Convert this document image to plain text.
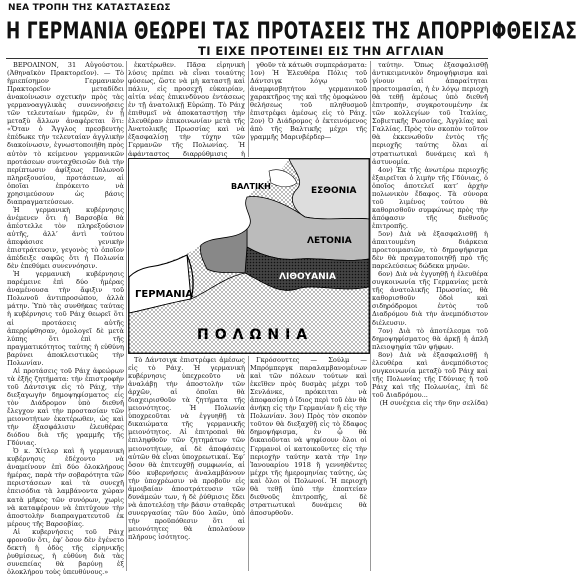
ΝΕΑ ΤΡΟΠΗ ΤΗΣ ΚΑΤΑΣΤΑΣΕΩΣ
Η ΓΕΡΜΑΝΙΑ ΘΕΩΡΕΙ ΤΑΣ ΠΡΟΤΑΣΕΙΣ ΤΗΣ ΑΠΟΡΡΙΦΘΕΙΣΑΣ
ΤΙ ΕΙΧΕ ΠΡΟΤΕΙΝΕΙ ΕΙΣ ΤΗΝ ΑΓΓΛΙΑΝ

ΒΕΡΟΛΙΝΟΝ, 31 Αὐγούστου. (Ἀθηναϊκὸν Πρακτορεῖον). — Τὸ ἡμιεπίσημον Γερμανικὸν Πρακτορεῖον μεταδίδει ἀνακοίνωσιν σχετικὴν πρὸς τὰς γερμανοαγγλικὰς συνεννοήσεις τῶν τελευταίων ἡμερῶν, ἐν ᾗ μεταξὺ ἄλλων ἀναφέρεται ὅτι: «Ὅταν ὁ Ἄγγλος πρεσβευτὴς ἐπέδωκε τὴν τελευταίαν ἀγγλικὴν διακοίνωσιν, ἐγνωστοποιήθη πρὸς αὐτὸν τὸ κείμενον γερμανικῶν προτάσεων συνταχθεισῶν διὰ τὴν περίπτωσιν ἀφίξεως Πολωνοῦ πληρεξουσίου, προτάσεων, αἱ ὁποῖαι ἐπρόκειτο νὰ χρησιμεύσουν ὡς βάσις διαπραγματεύσεων.

Ἡ γερμανικὴ κυβέρνησις ἀνέμενεν ὅτι ἡ Βαρσοβία θὰ ἀπέστελλε τὸν πληρεξούσιον αὐτῆς, ἀλλ’ ἀντὶ τούτου ἀπεφάσισε γενικὴν ἐπιστράτευσιν, γεγονὸς τὸ ὁποῖον ἀπέδειξε σαφῶς ὅτι ἡ Πολωνία δὲν ἐπεθύμει συνεννόησιν.

Ἡ γερμανικὴ κυβέρνησις παρέμεινε ἐπὶ δύο ἡμέρας ἀναμένουσα τὴν ἄφιξιν τοῦ Πολωνοῦ ἀντιπροσώπου, ἀλλὰ μάτην. Ὑπὸ τὰς συνθήκας ταύτας ἡ κυβέρνησις τοῦ Ράιχ θεωρεῖ ὅτι αἱ προτάσεις αὐτῆς ἀπερρίφθησαν, ὁμολογεῖ δὲ μετὰ λύπης ὅτι ἐπὶ τῆς πραγματικότητος ταύτης ἡ εὐθύνη βαρύνει ἀποκλειστικῶς τὴν Πολωνίαν.

Αἱ προτάσεις τοῦ Ράιχ ἀφεώρων τὰ ἑξῆς ζητήματα: τὴν ἐπιστροφὴν τοῦ Δάντσιγκ εἰς τὸ Ράιχ, τὴν διεξαγωγὴν δημοψηφίσματος εἰς τὸν Διάδρομον ὑπὸ διεθνῆ ἔλεγχον καὶ τὴν προστασίαν τῶν μειονοτήτων ἑκατέρωθεν, ὡς καὶ τὴν ἐξασφάλισιν ἐλευθέρας διόδου διὰ τῆς γραμμῆς τῆς Γδύνιας.

Ὁ κ. Χίτλερ καὶ ἡ γερμανικὴ κυβέρνησις ἐδέχοντο νὰ ἀναμείνουν ἐπὶ δύο ὁλοκλήρους ἡμέρας, παρὰ τὴν σοβαρότητα τῶν περιστάσεων καὶ τὰ συνεχῆ ἐπεισόδια τὰ λαμβάνοντα χώραν κατὰ μῆκος τῶν συνόρων, χωρὶς νὰ καταφέρουν νὰ ἐπιτύχουν τὴν ἀποστολὴν διαπραγματευτοῦ ἐκ μέρους τῆς Βαρσοβίας.

Αἱ κυβερνήσεις τοῦ Ράιχ φρονοῦν ὅτι, ἐφ’ ὅσον δὲν ἐγένετο δεκτὴ ἡ ὁδὸς τῆς εἰρηνικῆς ῥυθμίσεως, ἡ εὐθύνη διὰ τὰς συνεπείας θὰ βαρύνῃ ἐξ ὁλοκλήρου τοὺς ὑπευθύνους.»

ἑκατέρωθεν. Πᾶσα εἰρηνικὴ λύσις πρέπει νὰ εἶναι τοιαύτης φύσεως, ὥστε νὰ μὴ καταστῇ καὶ πάλιν, εἰς προσεχῆ εὐκαιρίαν, αἰτία νέας ἐπικινδύνου ἐντάσεως ἐν τῇ ἀνατολικῇ Εὐρώπῃ. Τὸ Ράιχ ἐπιθυμεῖ νὰ ἀποκαταστήσῃ τὴν ἐλευθέραν ἐπικοινωνίαν μετὰ τῆς Ἀνατολικῆς Πρωσσίας καὶ νὰ ἐξασφαλίσῃ τὴν τύχην τῶν Γερμανῶν τῆς Πολωνίας. Ἡ ἀφάνταστος διαρρύθμισις ἡ

γθοῦν τὰ κάτωθι συμπεράσματα: 1ον) Ἡ Ἐλευθέρα Πόλις τοῦ Δάντσιγκ λόγῳ τοῦ ἀναμφισβητήτου γερμανικοῦ χαρακτῆρος της καὶ τῆς ὁμοφώνου θελήσεως τοῦ πληθυσμοῦ ἐπιστρέφει ἀμέσως εἰς τὸ Ράιχ. 2ον) Ὁ Διάδρομος ὁ ἐκτεινόμενος ἀπὸ τῆς Βαλτικῆς μέχρι τῆς γραμμῆς Μαρινβέρδερ—

ΒΑΛΤΙΚΗ	ΕΣΘΟΝΙΑ
ΛΕΤΟΝΙΑ
ΛΙΘΟΥΑΝΙΑ
ΓΕΡΜΑΝΙΑ
ΠΟΛΩΝΙΑ

Τὸ Δάντσιγκ ἐπιστρέφει ἀμέσως εἰς τὸ Ράιχ. Ἡ γερμανικὴ κυβέρνησις ὑπεχρεοῦτο νὰ ἀναλάβῃ τὴν ἀποστολὴν τῶν ἀρχῶν, αἱ ὁποῖαι θὰ διαχειρισθοῦν τὰ ζητήματα τῆς μειονότητος. Ἡ Πολωνία ὑποχρεοῦται νὰ ἐγγυηθῇ τὰ δικαιώματα τῆς γερμανικῆς μειονότητος. Αἱ ἐπιτροπαὶ θὰ ἐπιληφθοῦν τῶν ζητημάτων τῶν μειονοτήτων, αἱ δὲ ἀποφάσεις αὐτῶν θὰ εἶναι ὑποχρεωτικαί. Ἐφ’ ὅσον θὰ ἐπιτευχθῇ συμφωνία, αἱ δύο κυβερνήσεις ἀναλαμβάνουν τὴν ὑποχρέωσιν νὰ προβοῦν εἰς ἀμοιβαίαν ἀποστράτευσιν τῶν δυνάμεών των, ἡ δὲ ῥύθμισις ἔδει νὰ ἀποτελέσῃ τὴν βάσιν σταθερᾶς συνεργασίας τῶν δύο λαῶν, ὑπὸ τὴν προϋπόθεσιν ὅτι αἱ μειονότητες θὰ ἀπολαύουν πλήρους ἰσότητος.

Γκρόσουττες — Σούλμ — Μπρόμπεργκ παραλαμβανομένων καὶ τῶν πόλεων τούτων καὶ ἐκεῖθεν πρὸς δυσμὰς μέχρι τοῦ Σενλάνκε, πρόκειται νὰ ἀποφασίσῃ ὁ ἴδιος περὶ τοῦ ἐὰν θὰ ἀνήκῃ εἰς τὴν Γερμανίαν ἢ εἰς τὴν Πολωνίαν. 3ον) Πρὸς τὸν σκοπὸν τοῦτον θὰ διεξαχθῇ εἰς τὸ ἔδαφος δημοψήφισμα, ἐν ᾧ θὰ δικαιοῦνται νὰ ψηφίσουν ὅλοι οἱ Γερμανοὶ οἱ κατοικοῦντες εἰς τὴν περιοχὴν ταύτην κατὰ τὴν 1ην Ἰανουαρίου 1918 ἢ γεννηθέντες μέχρι τῆς ἡμερομηνίας ταύτης, ὡς καὶ ὅλοι οἱ Πολωνοί. Ἡ περιοχὴ θὰ τεθῇ ὑπὸ τὴν ἐποπτείαν διεθνοῦς ἐπιτροπῆς, αἱ δὲ στρατιωτικαὶ δυνάμεις θὰ ἀποσυρθοῦν.

ταύτην. Ὅπως ἐξασφαλισθῇ ἀντικειμενικὸν δημοψήφισμα καὶ γίνουν αἱ ἀπαραίτηται προετοιμασίαι, ἡ ἐν λόγῳ περιοχὴ θὰ τεθῇ ἀμέσως ὑπὸ διεθνῆ ἐπιτροπὴν, συγκροτουμένην ἐκ τῶν κολλεγίων τοῦ Ἰταλίας, Σοβιετικῆς Ρωσσίας, Ἀγγλίας καὶ Γαλλίας. Πρὸς τὸν σκοπὸν τοῦτον θὰ ἐκκενωθοῦν ἐντὸς τῆς περιοχῆς ταύτης ὅλαι αἱ στρατιωτικαὶ δυνάμεις καὶ ἡ ἀστυνομία.

4ον) Ἐκ τῆς ἀνωτέρω περιοχῆς ἐξαιρεῖται ὁ λιμὴν τῆς Γδύνιας, ὁ ὁποῖος ἀποτελεῖ κατ’ ἀρχὴν πολωνικὸν ἔδαφος. Τὰ σύνορα τοῦ λιμένος τούτου θὰ καθορισθοῦν συμφώνως πρὸς τὴν ἀπόφασιν τῆς διεθνοῦς ἐπιτροπῆς.

5ον) Διὰ νὰ ἐξασφαλισθῇ ἡ ἀπαιτουμένη διάρκεια προετοιμασιῶν, τὸ δημοψήφισμα δὲν θὰ πραγματοποιηθῇ πρὸ τῆς παρελεύσεως δώδεκα μηνῶν.

6ον) Διὰ νὰ ἐγγυηθῇ ἡ ἐλευθέρα συγκοινωνία τῆς Γερμανίας μετὰ τῆς ἀνατολικῆς Πρωσσίας, θὰ καθορισθοῦν ὁδοὶ καὶ σιδηρόδρομοι ἐντὸς τοῦ Διαδρόμου διὰ τὴν ἀνεμπόδιστον διέλευσιν.

7ον) Διὰ τὸ ἀποτέλεσμα τοῦ δημοψηφίσματος θὰ ἀρκῇ ἡ ἁπλῆ πλειοψηφία τῶν ψήφων.

8ον) Διὰ νὰ ἐξασφαλισθῇ ἡ ἐλευθέρα καὶ ἀνεμπόδιστος συγκοινωνία μεταξὺ τοῦ Ράιχ καὶ τῆς Πολωνίας τῆς Γδύνιας ἢ τοῦ Ράιχ καὶ τῆς Πολωνίας, ἐπὶ δὲ τοῦ Διαδρόμου...

(Η συνέχεια εἰς τὴν 6ην σελίδα)
